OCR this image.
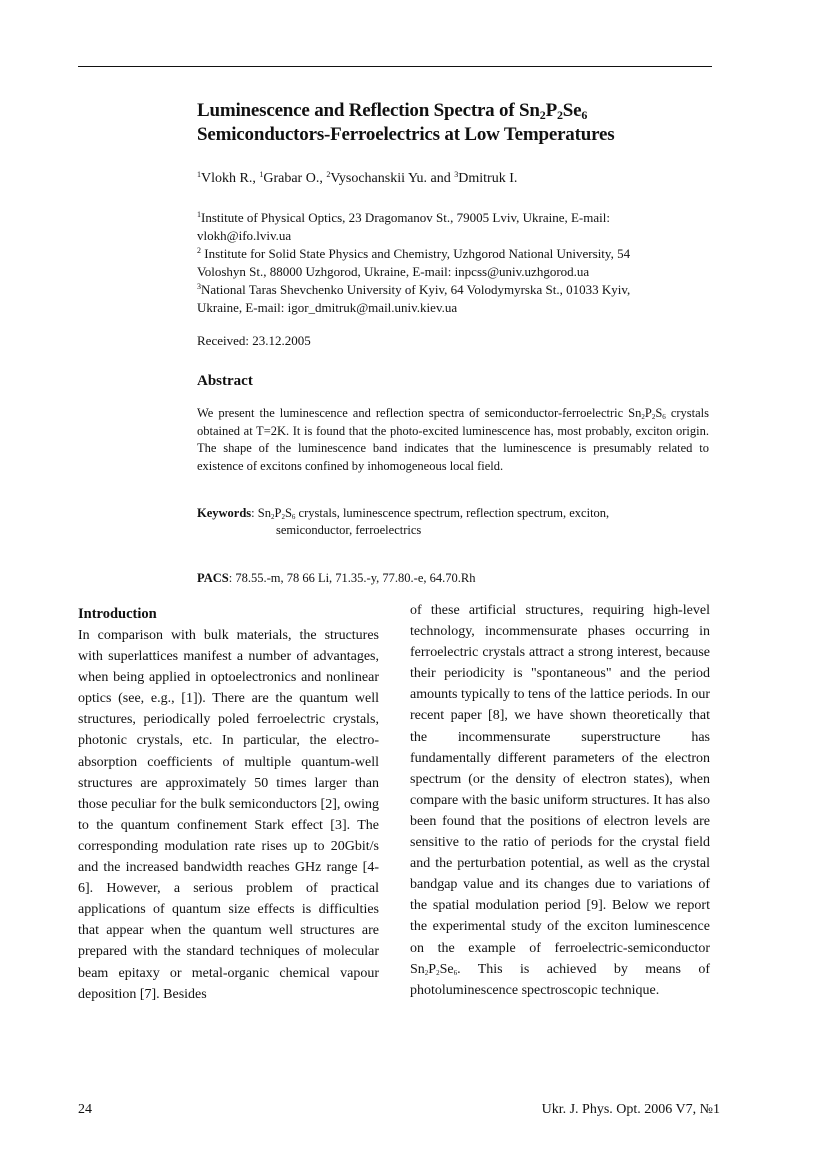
Luminescence and Reflection Spectra of $Sn_2P_2Se_6$
Semiconductors-Ferroelectrics at Low Temperatures
$^1$Vlokh R., $^1$Grabar O., $^2$Vysochanskii Yu. and $^3$Dmitruk I.

$^1$Institute of Physical Optics, 23 Dragomanov St., 79005 Lviv, Ukraine, E-mail: vlokh@ifo.lviv.ua

$^2$ Institute for Solid State Physics and Chemistry, Uzhgorod National University, 54 Voloshyn St., 88000 Uzhgorod, Ukraine, E-mail: inpcss@univ.uzhgorod.ua

$^3$National Taras Shevchenko University of Kyiv, 64 Volodymyrska St., 01033 Kyiv, Ukraine, E-mail: igor_dmitruk@mail.univ.kiev.ua

Received: 23.12.2005
Abstract
We present the luminescence and reflection spectra of semiconductor-ferroelectric $Sn_2P_2S_6$ crystals obtained at T=2K. It is found that the photo-excited luminescence has, most probably, exciton origin. The shape of the luminescence band indicates that the luminescence is presumably related to existence of excitons confined by inhomogeneous local field.
Keywords: $Sn_2P_2S_6$ crystals, luminescence spectrum, reflection spectrum, exciton,
semiconductor, ferroelectrics
PACS: 78.55.-m, 78 66 Li, 71.35.-y, 77.80.-e, 64.70.Rh

Introduction

In comparison with bulk materials, the structures with superlattices manifest a number of advantages, when being applied in optoelectronics and nonlinear optics (see, e.g., [1]). There are the quantum well structures, periodically poled ferroelectric crystals, photonic crystals, etc. In particular, the electro-absorption coefficients of multiple quantum-well structures are approximately 50 times larger than those peculiar for the bulk semiconductors [2], owing to the quantum confinement Stark effect [3]. The corresponding modulation rate rises up to 20Gbit/s and the increased bandwidth reaches GHz range [4-6]. However, a serious problem of practical applications of quantum size effects is difficulties that appear when the quantum well structures are prepared with the standard techniques of molecular beam epitaxy or metal-organic chemical vapour deposition [7]. Besides

of these artificial structures, requiring high-level technology, incommensurate phases occurring in ferroelectric crystals attract a strong interest, because their periodicity is "spontaneous" and the period amounts typically to tens of the lattice periods. In our recent paper [8], we have shown theoretically that the incommensurate superstructure has fundamentally different parameters of the electron spectrum (or the density of electron states), when compare with the basic uniform structures. It has also been found that the positions of electron levels are sensitive to the ratio of periods for the crystal field and the perturbation potential, as well as the crystal bandgap value and its changes due to variations of the spatial modulation period [9]. Below we report the experimental study of the exciton luminescence on the example of ferroelectric-semiconductor $Sn_2P_2Se_6$. This is achieved by means of photoluminescence spectroscopic technique.

24	Ukr. J. Phys. Opt. 2006 V7, №1
